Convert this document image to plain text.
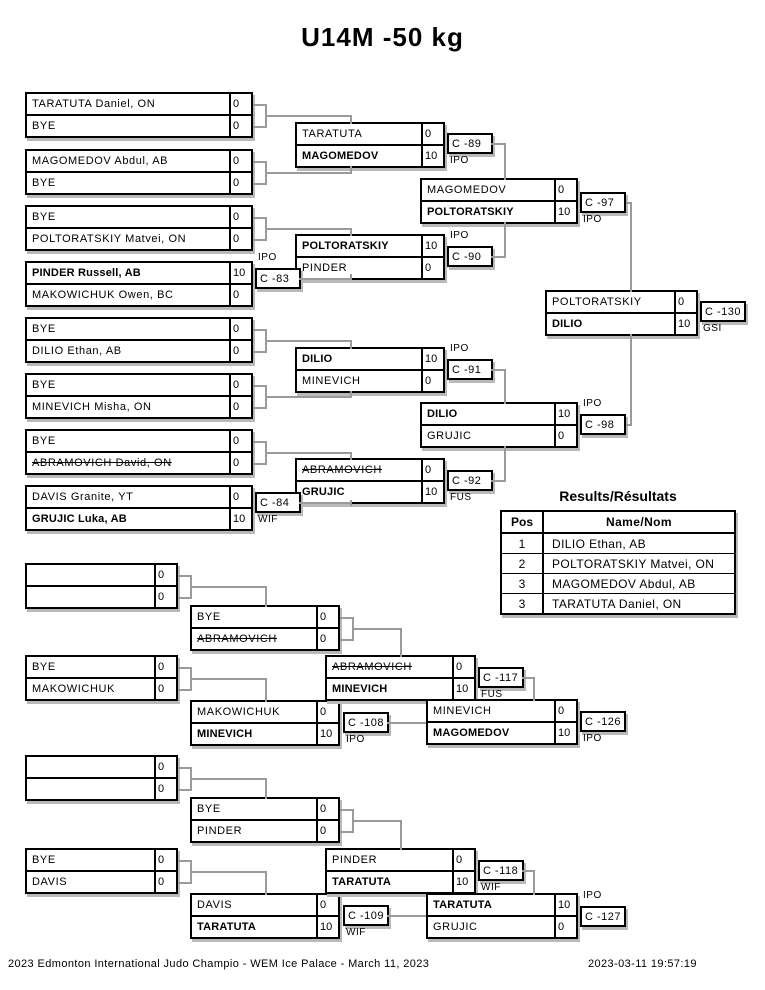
U14M -50 kg
TARATUTA Daniel, ON	0
BYE	0
MAGOMEDOV Abdul, AB	0
BYE	0
BYE	0
POLTORATSKIY Matvei, ON	0
PINDER Russell, AB	10
MAKOWICHUK Owen, BC	0
BYE	0
DILIO Ethan, AB	0
BYE	0
MINEVICH Misha, ON	0
BYE	0
ABRAMOVICH David, ON	0
DAVIS Granite, YT	0
GRUJIC Luka, AB	10
TARATUTA	0
MAGOMEDOV	10
POLTORATSKIY	10
PINDER	0
DILIO	10
MINEVICH	0
ABRAMOVICH	0
GRUJIC	10
MAGOMEDOV	0
POLTORATSKIY	10
DILIO	10
GRUJIC	0
POLTORATSKIY	0
DILIO	10
IPO
C -83
C -84
WIF
C -89
IPO
IPO
C -90
IPO
C -91
C -92
FUS
C -97
IPO
IPO
C -98
C -130
GSI
0
0
BYE	0
MAKOWICHUK	0
BYE	0
ABRAMOVICH	0
MAKOWICHUK	0
MINEVICH	10
ABRAMOVICH	0
MINEVICH	10
MINEVICH	0
MAGOMEDOV	10
C -108
IPO
C -117
FUS
C -126
IPO
0
0
BYE	0
DAVIS	0
BYE	0
PINDER	0
DAVIS	0
TARATUTA	10
PINDER	0
TARATUTA	10
TARATUTA	10
GRUJIC	0
C -109
WIF
C -118
WIF
IPO
C -127
Results/Résultats
Pos	Name/Nom
1	DILIO Ethan, AB
2	POLTORATSKIY Matvei, ON
3	MAGOMEDOV Abdul, AB
3	TARATUTA Daniel, ON
2023 Edmonton International Judo Champio - WEM Ice Palace - March 11, 2023	2023-03-11 19:57:19
